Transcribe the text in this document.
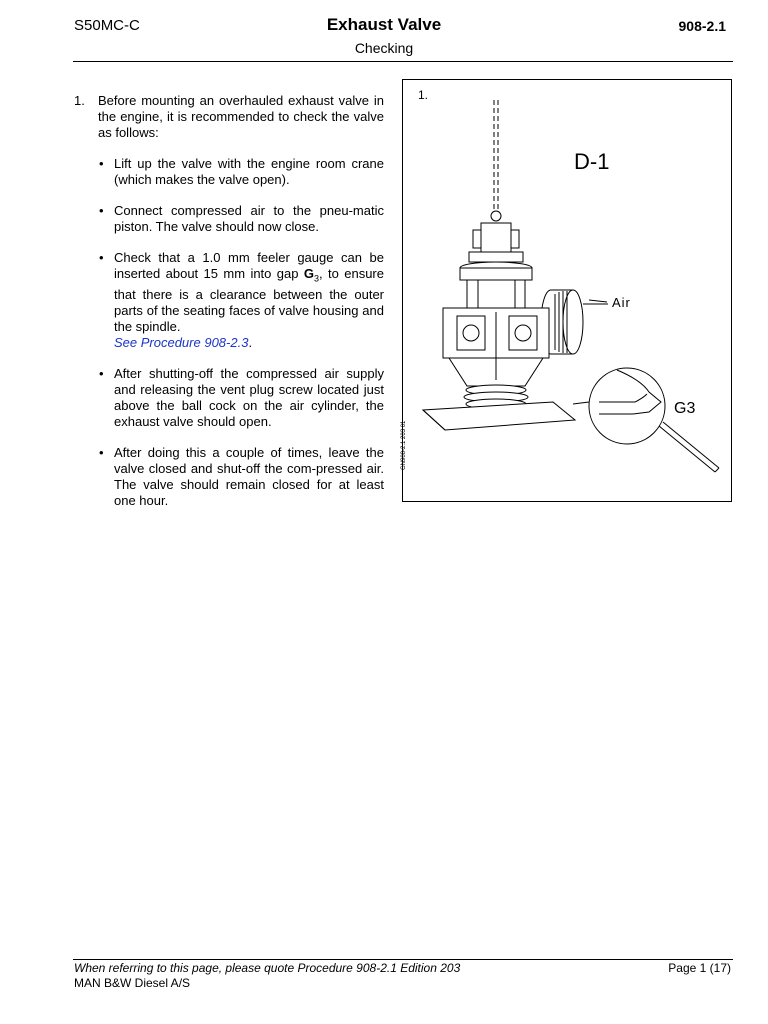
S50MC-C	Exhaust Valve
Checking
908-2.1
1.	Before mounting an overhauled exhaust valve in the engine, it is recommended to check the valve as follows:
• Lift up the valve with the engine room crane (which makes the valve open).
• Connect compressed air to the pneu-matic piston. The valve should now close.
• Check that a 1.0 mm feeler gauge can be inserted about 15 mm into gap $G_3$, to ensure that there is a clearance between the outer parts of the seating faces of valve housing and the spindle.
See Procedure 908-2.3.
• After shutting-off the compressed air supply and releasing the vent plug screw located just above the ball cock on the air cylinder, the exhaust valve should open.
• After doing this a couple of times, leave the valve closed and shut-off the com-pressed air. The valve should remain closed for at least one hour.
1.
D-1
Air
G3
GN908-2.1 203 01
When referring to this page, please quote Procedure 908-2.1 Edition 203	Page 1 (17)
MAN B&W Diesel A/S
